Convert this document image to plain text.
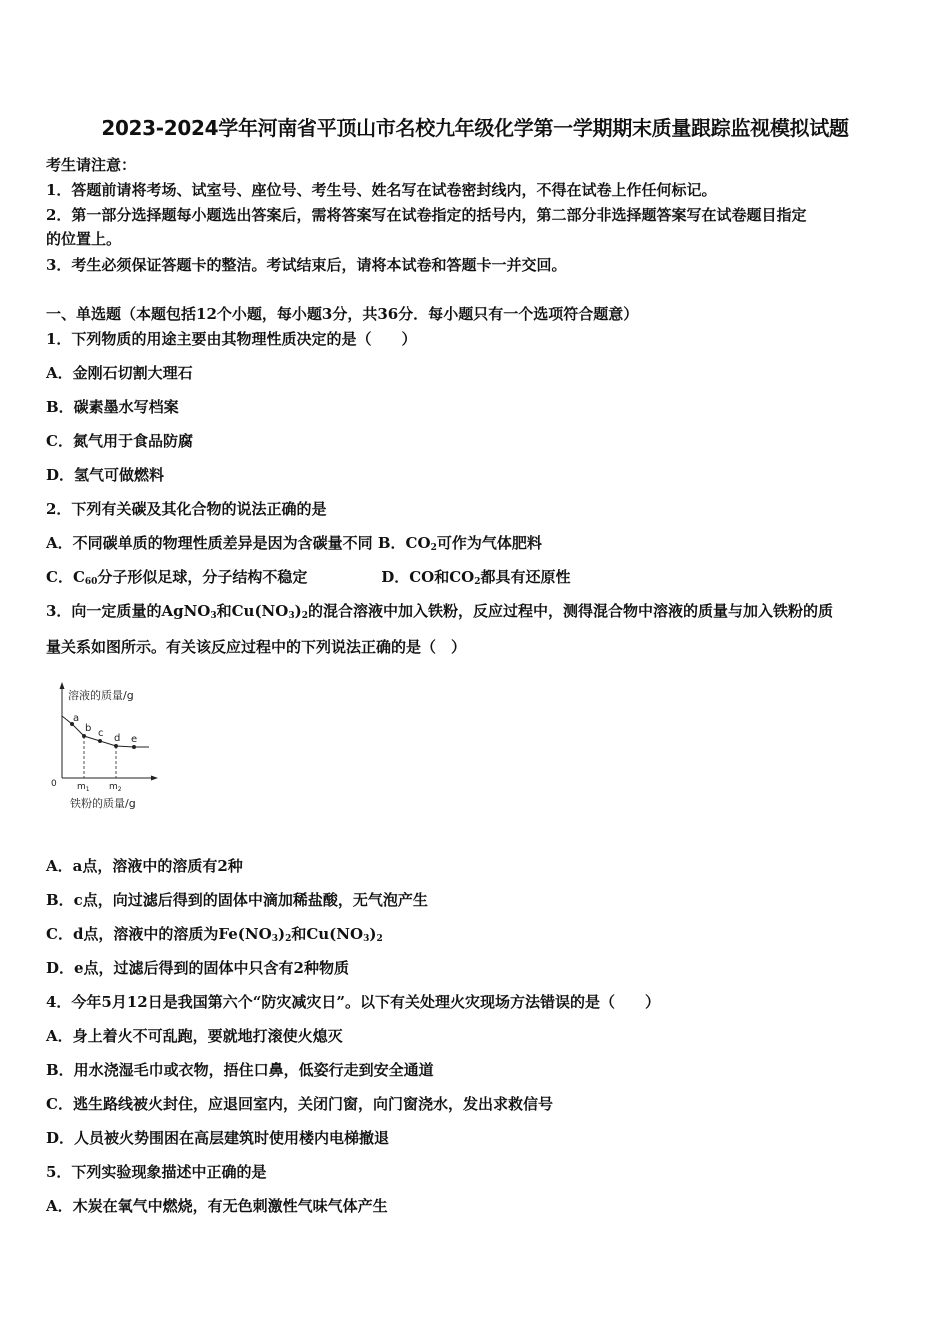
2023-2024学年河南省平顶山市名校九年级化学第一学期期末质量跟踪监视模拟试题
考生请注意：
1．答题前请将考场、试室号、座位号、考生号、姓名写在试卷密封线内，不得在试卷上作任何标记。
2．第一部分选择题每小题选出答案后，需将答案写在试卷指定的括号内，第二部分非选择题答案写在试卷题目指定
的位置上。
3．考生必须保证答题卡的整洁。考试结束后，请将本试卷和答题卡一并交回。
一、单选题（本题包括12个小题，每小题3分，共36分．每小题只有一个选项符合题意）
1．下列物质的用途主要由其物理性质决定的是（　　）
A．金刚石切割大理石
B．碳素墨水写档案
C．氮气用于食品防腐
D．氢气可做燃料
2．下列有关碳及其化合物的说法正确的是
A．不同碳单质的物理性质差异是因为含碳量不同 B．$CO_2$可作为气体肥料
C．$C_{60}$分子形似足球，分子结构不稳定	D．CO和$CO_2$都具有还原性
3．向一定质量的AgNO$_3$和$Cu(NO_3)_2$的混合溶液中加入铁粉，反应过程中，测得混合物中溶液的质量与加入铁粉的质
量关系如图所示。有关该反应过程中的下列说法正确的是（　）
溶液的质量/g
0
a
b c d e
$m_1$ $m_2$
铁粉的质量/g
A．a点，溶液中的溶质有2种
B．c点，向过滤后得到的固体中滴加稀盐酸，无气泡产生
C．d点，溶液中的溶质为$Fe(NO_3)_2$和$Cu(NO_3)_2$
D．e点，过滤后得到的固体中只含有2种物质
4．今年5月12日是我国第六个“防灾减灾日”。以下有关处理火灾现场方法错误的是（　　）
A．身上着火不可乱跑，要就地打滚使火熄灭
B．用水浇湿毛巾或衣物，捂住口鼻，低姿行走到安全通道
C．逃生路线被火封住，应退回室内，关闭门窗，向门窗浇水，发出求救信号
D．人员被火势围困在高层建筑时使用楼内电梯撤退
5．下列实验现象描述中正确的是
A．木炭在氧气中燃烧，有无色刺激性气味气体产生
